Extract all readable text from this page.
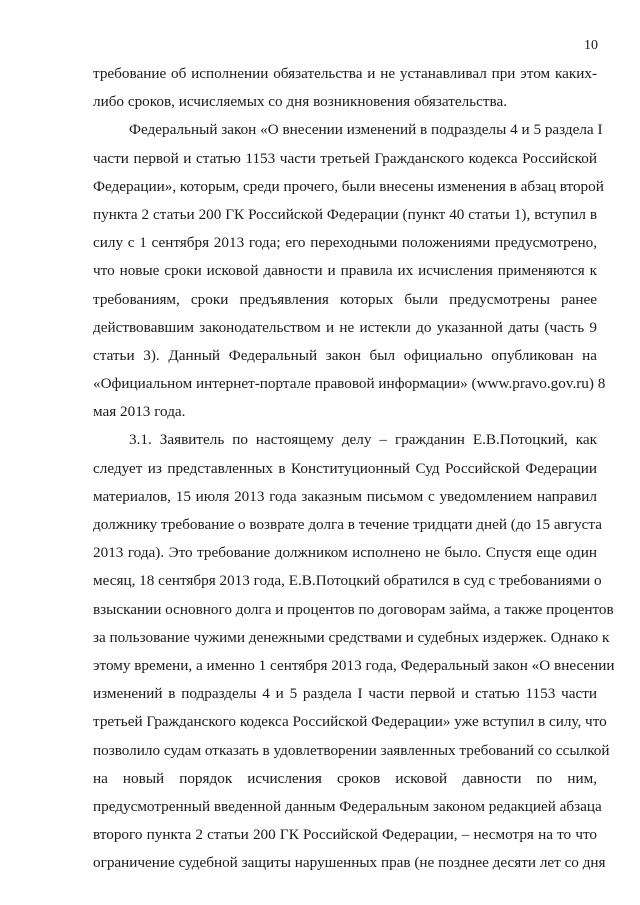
10
требование об исполнении обязательства и не устанавливал при этом каких-
либо сроков, исчисляемых со дня возникновения обязательства.
Федеральный закон «О внесении изменений в подразделы 4 и 5 раздела I
части первой и статью 1153 части третьей Гражданского кодекса Российской
Федерации», которым, среди прочего, были внесены изменения в абзац второй
пункта 2 статьи 200 ГК Российской Федерации (пункт 40 статьи 1), вступил в
силу с 1 сентября 2013 года; его переходными положениями предусмотрено,
что новые сроки исковой давности и правила их исчисления применяются к
требованиям, сроки предъявления которых были предусмотрены ранее
действовавшим законодательством и не истекли до указанной даты (часть 9
статьи 3). Данный Федеральный закон был официально опубликован на
«Официальном интернет-портале правовой информации» (www.pravo.gov.ru) 8
мая 2013 года.
3.1. Заявитель по настоящему делу – гражданин Е.В.Потоцкий, как
следует из представленных в Конституционный Суд Российской Федерации
материалов, 15 июля 2013 года заказным письмом с уведомлением направил
должнику требование о возврате долга в течение тридцати дней (до 15 августа
2013 года). Это требование должником исполнено не было. Спустя еще один
месяц, 18 сентября 2013 года, Е.В.Потоцкий обратился в суд с требованиями о
взыскании основного долга и процентов по договорам займа, а также процентов
за пользование чужими денежными средствами и судебных издержек. Однако к
этому времени, а именно 1 сентября 2013 года, Федеральный закон «О внесении
изменений в подразделы 4 и 5 раздела I части первой и статью 1153 части
третьей Гражданского кодекса Российской Федерации» уже вступил в силу, что
позволило судам отказать в удовлетворении заявленных требований со ссылкой
на новый порядок исчисления сроков исковой давности по ним,
предусмотренный введенной данным Федеральным законом редакцией абзаца
второго пункта 2 статьи 200 ГК Российской Федерации, – несмотря на то что
ограничение судебной защиты нарушенных прав (не позднее десяти лет со дня
